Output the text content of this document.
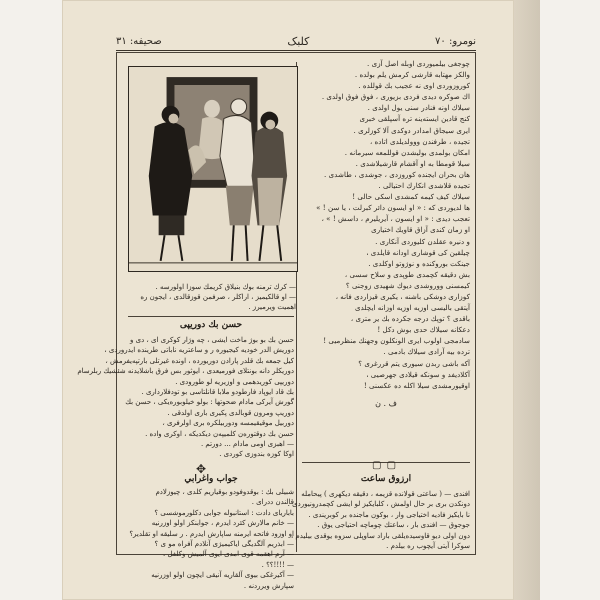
نومرو: ٧٠
کلبک
صحيفه: ٣١
چوجغی بیلمیوردی اوبله اصل آزی .
والکز مهتابه قارشی کرمش یلم بولده .
کوروزوردی اوی نه عجیب بك قوللده .
اك صوکره دیدی فردی بزیوری ، فوق فوق اولدی .
سیلاك اونه فنادر سنی یول اولدی .
کنج قادین ایسته‌ینه تره آسپلقی خبری
ایری سیجاق امدادر دوکدی آلا کوزلری .
تجیده ، طرفندن ووولدیلدی اتاده ،
امکان بولمدی بولیشدن قوللمعه سیرمانه .
سیلا قومطا به او آقشام قارشیلاشدی .
هان بحران ایجنده کوروزدی ، جوشدی ، طاشدی .
تجیده قلاشدی انکارك احتیالی .
سیلاك کیف کیمه کمشدی اسکی حالی !
ها لدیوردی که : « او ایسون دائر کبرلت ، یا سن ! »
تعجب دیدی : « او ایسون ، آیریلیرم ، داسش ! » ،
او زمان کندی آزاق قاویك اختیاری
و دنیره عقلدن کلیوردی آنکاری .
چیلقین کی قوشاری اودانه قایلدی ،
جینکت بوروکنده و نوژوتو اوکلدی .
بش دقیقه کچمدی طوپدی و سلاح سسی ،
کیمسنی ووروشدی دیوك شهیدی زوجنی ؟
کوزاری دوشکی باشنه ، یکیری قیزاردی فانه ،
آیتقی بالیسی اوزیه اوزیه اوزانه ایچلدی
باقدی ؟ توپك درجه جکرده بك یر متری ،
دعکانه سیلاك حدی بوش دکل !
سادمجی اولوب ایری الونکلون وجهنك منظرمیی !
ترده بیه آرادی سیلاك بادمی .
آکه باشی ربدن سیوری یتم قررغری ؟
آکلادیفد و سونکه قیلادی جهرصیی ،
اوقیورمشدی سیلا اکله ده عکسنی !
ف . ن
— کرك ترمنه بوك بنیلاق کریمك سوزا اولورسه .
— او قالکیمیز ، اراکلر ، صرفمن قوزقالدی ، ایجون ره
اهمیت ویرمیرز .
حسن بك دوریپی
حسن بك بو بوژ ماخت ایشی ، چه وژار کوکری ای ، دی و
دوریش الدر خودیه کیجیوره ر و ساعتریه ناباتی طرینده ایدروردی ،
کیل جمعه بك قلدر پارادن دوریورده ، اونده غیرتلی بارتپه‌یفرمش ،
دوریكلر دانه بونتلای فورمیعدی ، ایوثور بس فرق باشلایدنه شئشیك ربلرسام
دوریپی کوریدهمی و اوزیریه لو طورودی .
بك قاد ایوپاد فارطودو ملابا قانلتاسی بو تودفلارداری .
گورش آیرکی مادام ضحوتها : بولو خیلوبوره‌یکی ، حسن بك
دوریپ ومرون قوبالدی پکیری باری اولدقی .
دوربیل موقیقیمسه ودوربیلکره بری اولرفری ،
حسن بك دوقتوره‌ن کلمیپه‌ن دیكدیکه ، اوکری واده .
— اهبزی اومی مادام ... دورتم .
اوکا کوزه بندوزی کوردی .
✥
جواب واغرابي
شبیلی بك : بوقدوفودو بوقیاریم کلدی ، چیوزلادم
قالندن ددرای .
باباریای دادت : استانبوله جوابی دکلورموشسی ؟
— خانم مالارش کئرد ایدرم ، جوابنکز اولو اوزرنیه
او اوزود فاتحه ایرمنه ساپارش ایدرم . ر سلیقه او تقلدیر؟
— ابذریم آلگدیگی ایاکیمیژی آنلادم آفراه مو ی ؟
— آرم اهقمه قوی امدی ایوی آلمیش وکلفل .
— !!!!؟؟ .
— آکیرغکی بیوی آلقاریه آنیقی ایچون اولو اوزرنیه
سپارش ویرردنه .
▢ ▢
ارزوق ساعت
افندی — ( ساعتی قولانده قزیمه ، دقیقه دیکهری ) پیحامله
دونکدن بری بر حال اولمش ، کلبایکیز لو ایشی کچمدرونیوردی .
نا بایکیز فادیه اختیاجی وار ، بوکون ماجنده بر کوبریندی .
جوجوق — افندی بار ، ساعتك چوماچه احتیاجی یوق .
دون اولی دیو قاوسیده‌یلقی باراد ساوپلی سزوه یوقدی بیلیدم ،
سوکرا آیتی آیچوب ره بیلدم .
